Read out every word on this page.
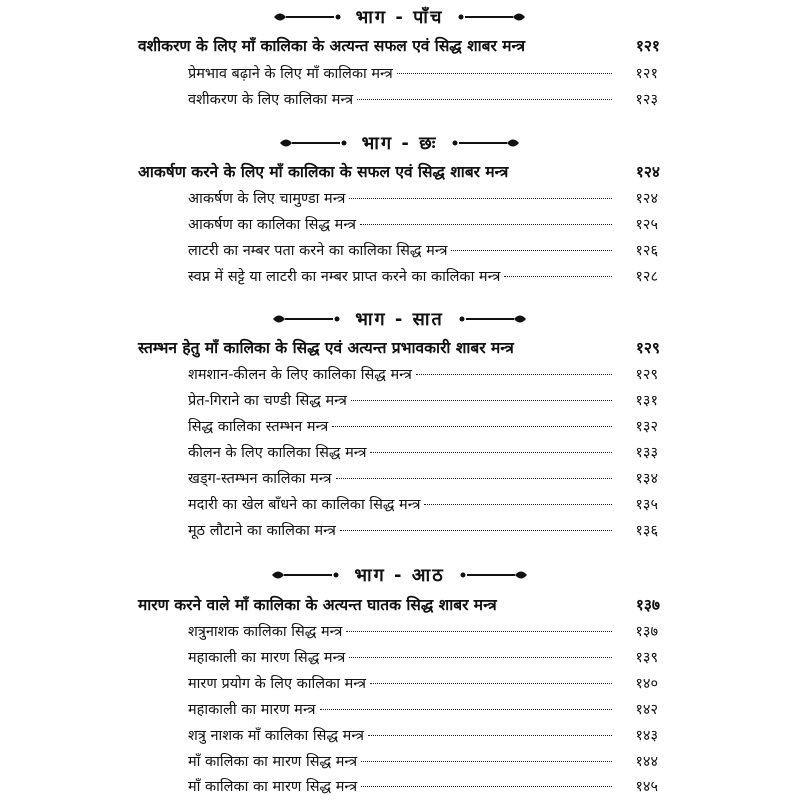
भाग - पाँच
वशीकरण के लिए माँ कालिका के अत्यन्त सफल एवं सिद्ध शाबर मन्त्र	१२१
प्रेमभाव बढ़ाने के लिए माँ कालिका मन्त्र	१२१
वशीकरण के लिए कालिका मन्त्र	१२३
भाग - छः
आकर्षण करने के लिए माँ कालिका के सफल एवं सिद्ध शाबर मन्त्र	१२४
आकर्षण के लिए चामुण्डा मन्त्र	१२४
आकर्षण का कालिका सिद्ध मन्त्र	१२५
लाटरी का नम्बर पता करने का कालिका सिद्ध मन्त्र	१२६
स्वप्न में सट्टे या लाटरी का नम्बर प्राप्त करने का कालिका मन्त्र	१२८
भाग - सात
स्तम्भन हेतु माँ कालिका के सिद्ध एवं अत्यन्त प्रभावकारी शाबर मन्त्र	१२९
शमशान-कीलन के लिए कालिका सिद्ध मन्त्र	१२९
प्रेत-गिराने का चण्डी सिद्ध मन्त्र	१३१
सिद्ध कालिका स्तम्भन मन्त्र	१३२
कीलन के लिए कालिका सिद्ध मन्त्र	१३३
खड्ग-स्तम्भन कालिका मन्त्र	१३४
मदारी का खेल बाँधने का कालिका सिद्ध मन्त्र	१३५
मूठ लौटाने का कालिका मन्त्र	१३६
भाग - आठ
मारण करने वाले माँ कालिका के अत्यन्त घातक सिद्ध शाबर मन्त्र	१३७
शत्रुनाशक कालिका सिद्ध मन्त्र	१३७
महाकाली का मारण सिद्ध मन्त्र	१३९
मारण प्रयोग के लिए कालिका मन्त्र	१४०
महाकाली का मारण मन्त्र	१४२
शत्रु नाशक माँ कालिका सिद्ध मन्त्र	१४३
माँ कालिका का मारण सिद्ध मन्त्र	१४४
माँ कालिका का मारण सिद्ध मन्त्र	१४५
